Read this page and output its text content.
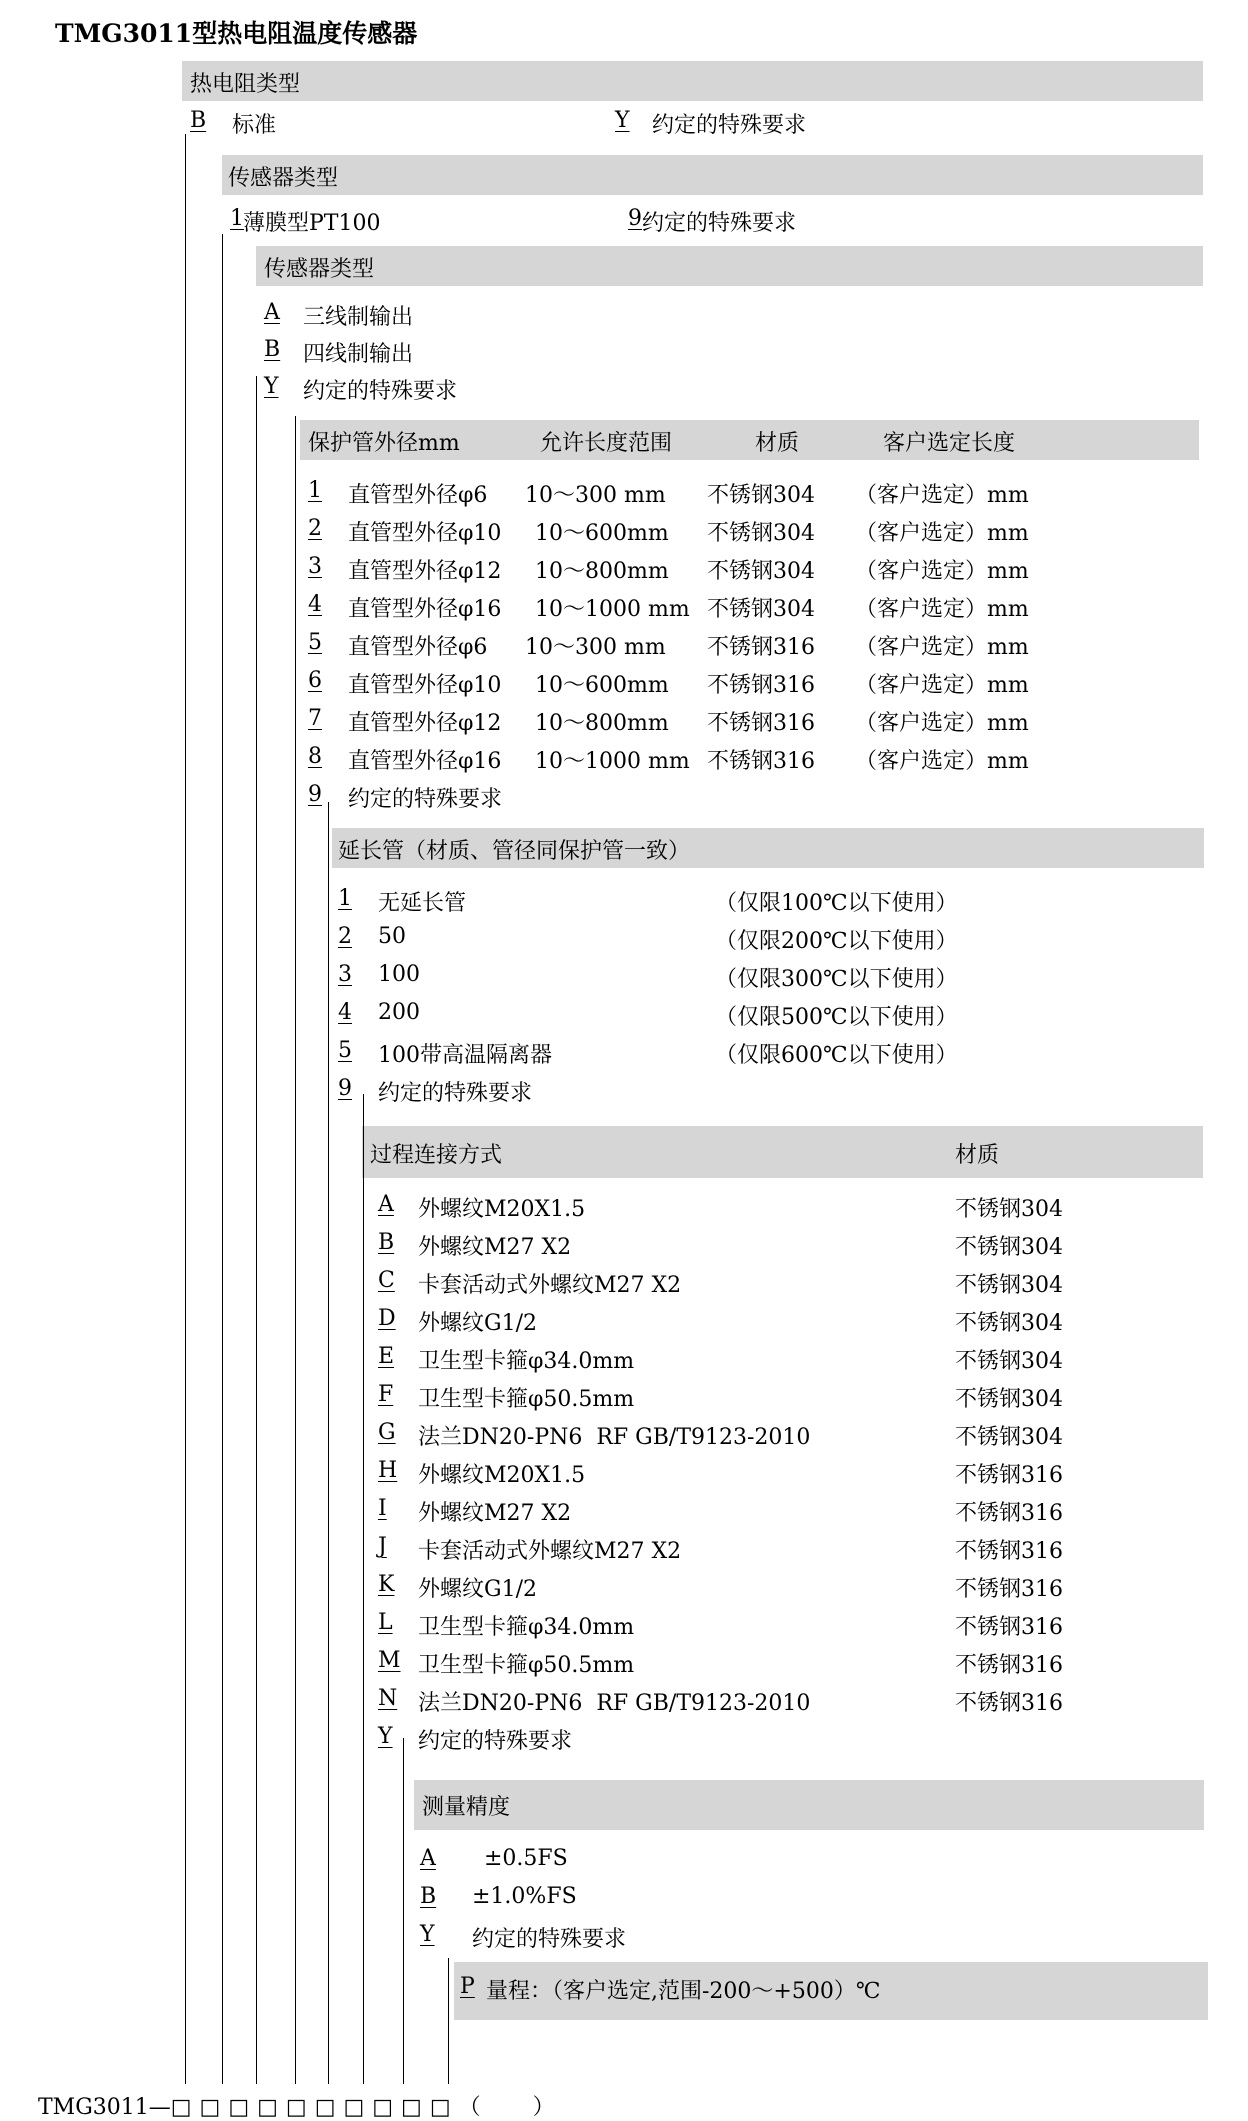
TMG3011型热电阻温度传感器
热电阻类型
B 标准	Y 约定的特殊要求
传感器类型
1 薄膜型PT100	9 约定的特殊要求
传感器类型
A 三线制输出
B 四线制输出
Y 约定的特殊要求
保护管外径mm	允许长度范围	材质	客户选定长度
1 直管型外径φ6 10～300 mm 不锈钢304 （客户选定）mm
2 直管型外径φ10 10～600mm 不锈钢304 （客户选定）mm
3 直管型外径φ12 10～800mm 不锈钢304 （客户选定）mm
4 直管型外径φ16 10～1000 mm 不锈钢304 （客户选定）mm
5 直管型外径φ6 10～300 mm 不锈钢316 （客户选定）mm
6 直管型外径φ10 10～600mm 不锈钢316 （客户选定）mm
7 直管型外径φ12 10～800mm 不锈钢316 （客户选定）mm
8 直管型外径φ16 10～1000 mm 不锈钢316 （客户选定）mm
9 约定的特殊要求
延长管（材质、管径同保护管一致）
1 无延长管	（仅限100℃以下使用）
2 50	（仅限200℃以下使用）
3 100	（仅限300℃以下使用）
4 200	（仅限500℃以下使用）
5 100带高温隔离器	（仅限600℃以下使用）
9 约定的特殊要求
过程连接方式	材质
A 外螺纹M20X1.5	不锈钢304
B 外螺纹M27 X2	不锈钢304
C 卡套活动式外螺纹M27 X2	不锈钢304
D 外螺纹G1/2	不锈钢304
E 卫生型卡箍φ34.0mm	不锈钢304
F 卫生型卡箍φ50.5mm	不锈钢304
G 法兰DN20-PN6  RF GB/T9123-2010	不锈钢304
H 外螺纹M20X1.5	不锈钢316
I 外螺纹M27 X2	不锈钢316
J 卡套活动式外螺纹M27 X2	不锈钢316
K 外螺纹G1/2	不锈钢316
L 卫生型卡箍φ34.0mm	不锈钢316
M 卫生型卡箍φ50.5mm	不锈钢316
N 法兰DN20-PN6  RF GB/T9123-2010	不锈钢316
Y 约定的特殊要求
测量精度
A ±0.5FS
B ±1.0%FS
Y 约定的特殊要求
P 量程：（客户选定,范围-200～+500）℃
TMG3011—□□□□□□□□□□（ ）
